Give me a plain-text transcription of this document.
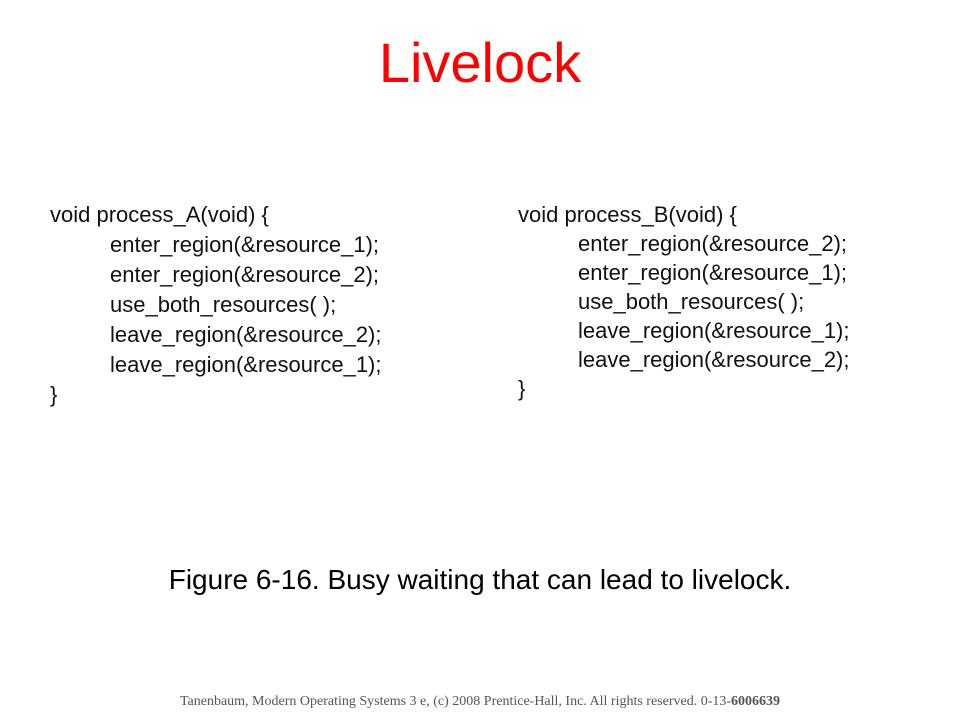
Livelock
void process_A(void) {
enter_region(&resource_1);
enter_region(&resource_2);
use_both_resources( );
leave_region(&resource_2);
leave_region(&resource_1);
}
void process_B(void) {
enter_region(&resource_2);
enter_region(&resource_1);
use_both_resources( );
leave_region(&resource_1);
leave_region(&resource_2);
}

Figure 6-16. Busy waiting that can lead to livelock.

Tanenbaum, Modern Operating Systems 3 e, (c) 2008 Prentice-Hall, Inc. All rights reserved. 0-13-6006639
